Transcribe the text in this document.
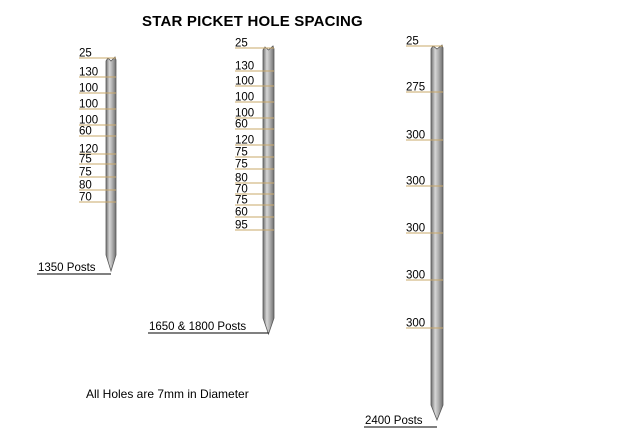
STAR PICKET HOLE SPACING
All Holes are 7mm in Diameter
25
130
100
100
100
60
120
75
75
80
70
1350 Posts
25
130
100
100
100
60
120
75
75
80
70
75
60
95
1650 & 1800 Posts
25
275
300
300
300
300
300
2400 Posts
